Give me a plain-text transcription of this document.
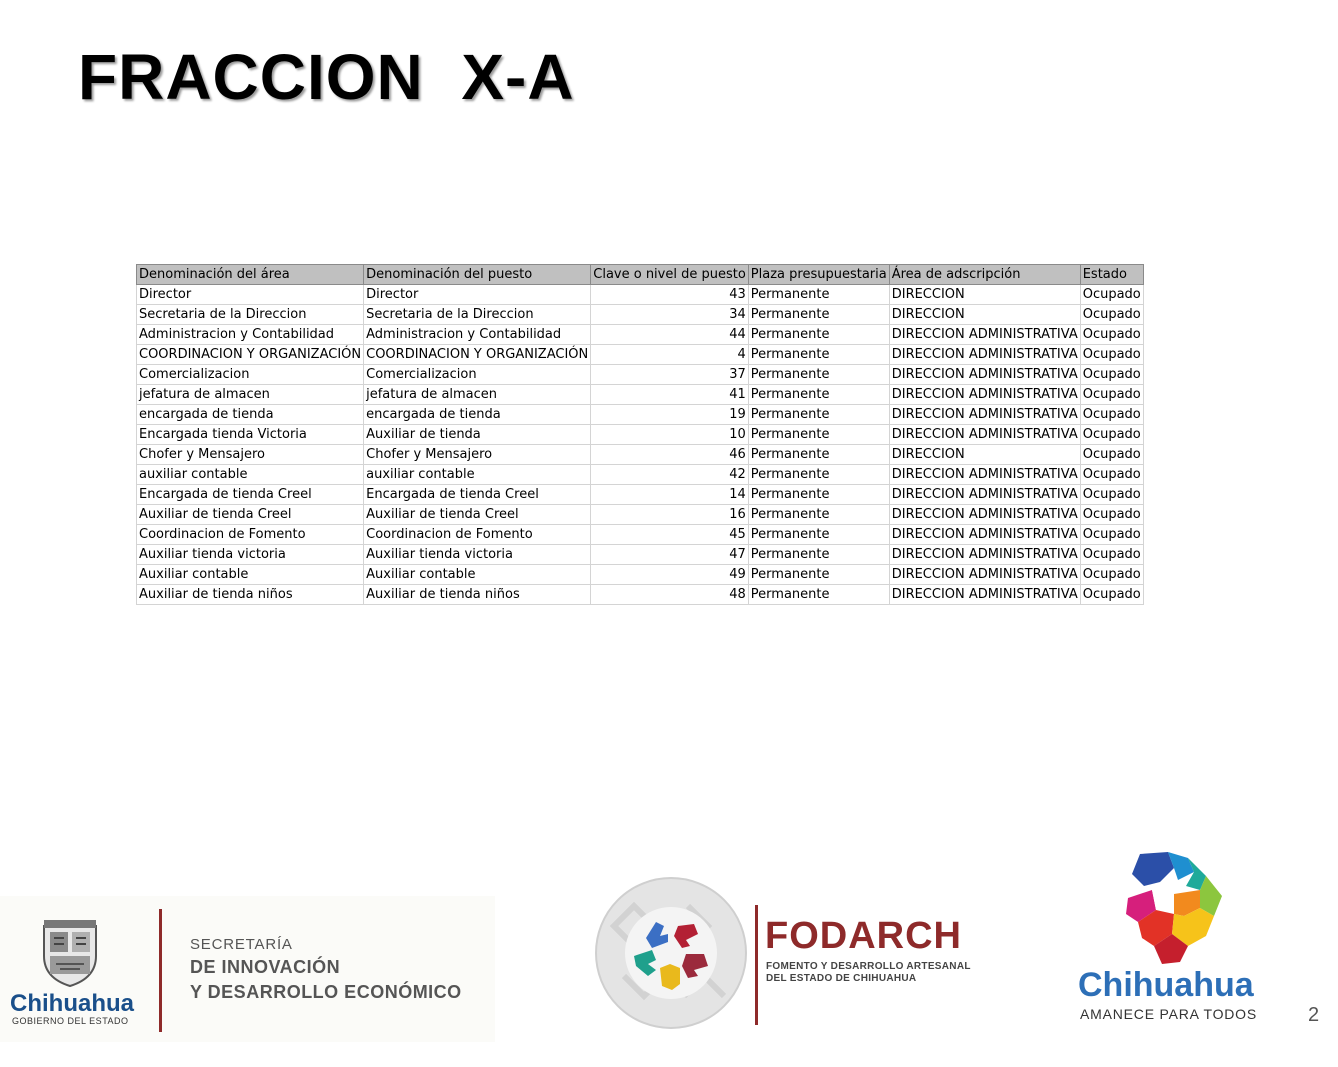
FRACCION  X-A
Denominación del área	Denominación del puesto	Clave o nivel de puesto	Plaza presupuestaria	Área de adscripción	Estado
Director	Director	43	Permanente	DIRECCION	Ocupado
Secretaria de la Direccion	Secretaria de la Direccion	34	Permanente	DIRECCION	Ocupado
Administracion y Contabilidad	Administracion y Contabilidad	44	Permanente	DIRECCION ADMINISTRATIVA	Ocupado
COORDINACION Y ORGANIZACIÓN	COORDINACION Y ORGANIZACIÓN	4	Permanente	DIRECCION ADMINISTRATIVA	Ocupado
Comercializacion	Comercializacion	37	Permanente	DIRECCION ADMINISTRATIVA	Ocupado
jefatura de almacen	jefatura de almacen	41	Permanente	DIRECCION ADMINISTRATIVA	Ocupado
encargada de tienda	encargada de tienda	19	Permanente	DIRECCION ADMINISTRATIVA	Ocupado
Encargada tienda Victoria	Auxiliar de tienda	10	Permanente	DIRECCION ADMINISTRATIVA	Ocupado
Chofer y Mensajero	Chofer y Mensajero	46	Permanente	DIRECCION	Ocupado
auxiliar contable	auxiliar contable	42	Permanente	DIRECCION ADMINISTRATIVA	Ocupado
Encargada de tienda Creel	Encargada de tienda Creel	14	Permanente	DIRECCION ADMINISTRATIVA	Ocupado
Auxiliar de tienda Creel	Auxiliar de tienda Creel	16	Permanente	DIRECCION ADMINISTRATIVA	Ocupado
Coordinacion de Fomento	Coordinacion de Fomento	45	Permanente	DIRECCION ADMINISTRATIVA	Ocupado
Auxiliar tienda victoria	Auxiliar tienda victoria	47	Permanente	DIRECCION ADMINISTRATIVA	Ocupado
Auxiliar contable	Auxiliar contable	49	Permanente	DIRECCION ADMINISTRATIVA	Ocupado
Auxiliar de tienda niños	Auxiliar de tienda niños	48	Permanente	DIRECCION ADMINISTRATIVA	Ocupado
Chihuahua
GOBIERNO DEL ESTADO
SECRETARÍA
DE INNOVACIÓN
Y DESARROLLO ECONÓMICO
FODARCH
FOMENTO Y DESARROLLO ARTESANAL
DEL ESTADO DE CHIHUAHUA	Chihuahua
AMANECE PARA TODOS	2
